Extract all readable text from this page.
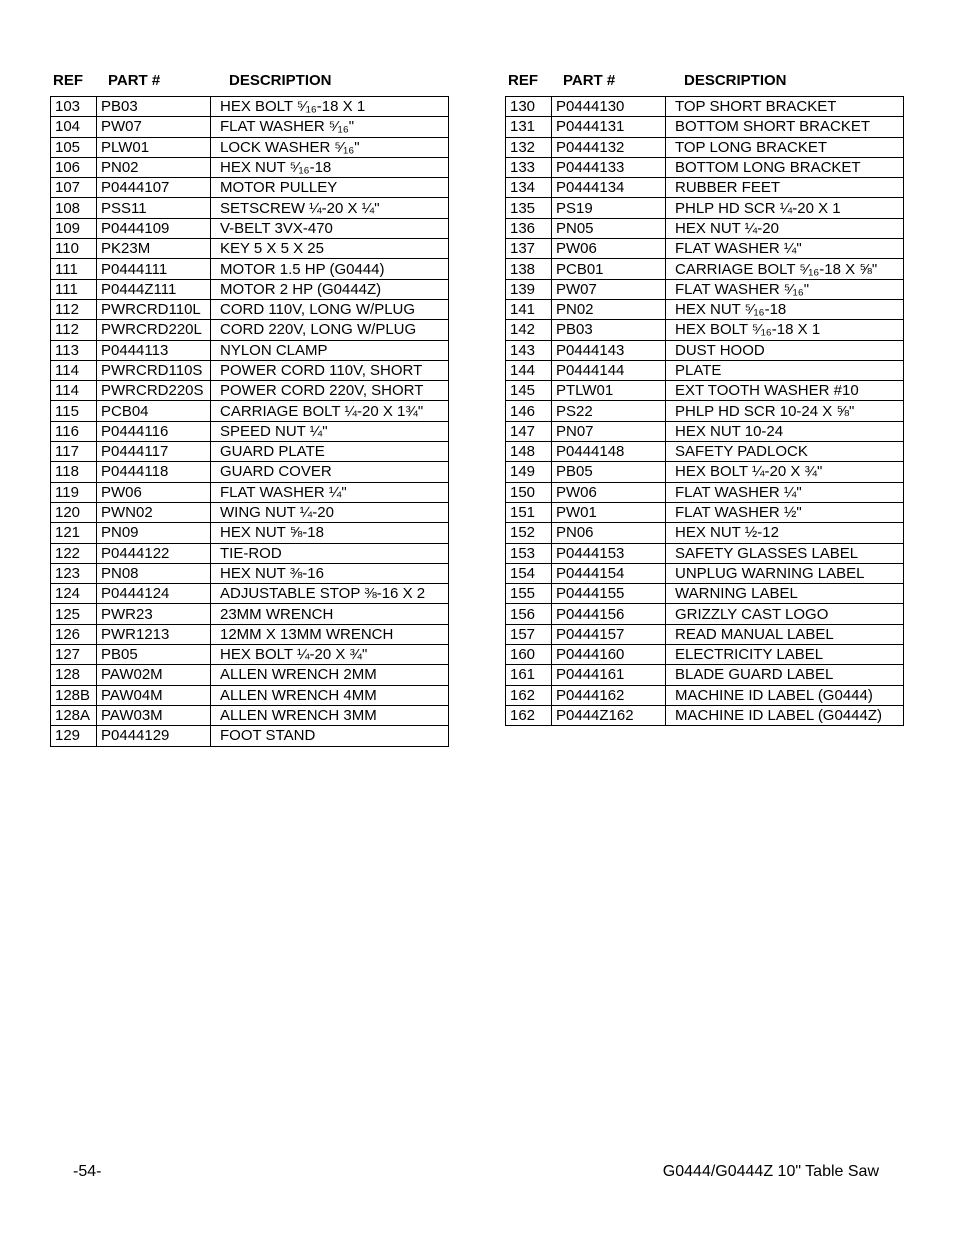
REF PART #	DESCRIPTION
103	PB03	HEX BOLT ⁵⁄₁₆-18 X 1
104	PW07	FLAT WASHER ⁵⁄₁₆"
105	PLW01	LOCK WASHER ⁵⁄₁₆"
106	PN02	HEX NUT ⁵⁄₁₆-18
107	P0444107	MOTOR PULLEY
108	PSS11	SETSCREW ¼-20 X ¼"
109	P0444109	V-BELT 3VX-470
110	PK23M	KEY 5 X 5 X 25
111	P0444111	MOTOR 1.5 HP (G0444)
111	P0444Z111	MOTOR 2 HP (G0444Z)
112	PWRCRD110L	CORD 110V, LONG W/PLUG
112	PWRCRD220L	CORD 220V, LONG W/PLUG
113	P0444113	NYLON CLAMP
114	PWRCRD110S	POWER CORD 110V, SHORT
114	PWRCRD220S	POWER CORD 220V, SHORT
115	PCB04	CARRIAGE BOLT ¼-20 X 1¾"
116	P0444116	SPEED NUT ¼"
117	P0444117	GUARD PLATE
118	P0444118	GUARD COVER
119	PW06	FLAT WASHER ¼"
120	PWN02	WING NUT ¼-20
121	PN09	HEX NUT ⅝-18
122	P0444122	TIE-ROD
123	PN08	HEX NUT ⅜-16
124	P0444124	ADJUSTABLE STOP ⅜-16 X 2
125	PWR23	23MM WRENCH
126	PWR1213	12MM X 13MM WRENCH
127	PB05	HEX BOLT ¼-20 X ¾"
128	PAW02M	ALLEN WRENCH 2MM
128B	PAW04M	ALLEN WRENCH 4MM
128A	PAW03M	ALLEN WRENCH 3MM
129	P0444129	FOOT STAND
REF PART #	DESCRIPTION
130	P0444130	TOP SHORT BRACKET
131	P0444131	BOTTOM SHORT BRACKET
132	P0444132	TOP LONG BRACKET
133	P0444133	BOTTOM LONG BRACKET
134	P0444134	RUBBER FEET
135	PS19	PHLP HD SCR ¼-20 X 1
136	PN05	HEX NUT ¼-20
137	PW06	FLAT WASHER ¼"
138	PCB01	CARRIAGE BOLT ⁵⁄₁₆-18 X ⅝"
139	PW07	FLAT WASHER ⁵⁄₁₆"
141	PN02	HEX NUT ⁵⁄₁₆-18
142	PB03	HEX BOLT ⁵⁄₁₆-18 X 1
143	P0444143	DUST HOOD
144	P0444144	PLATE
145	PTLW01	EXT TOOTH WASHER #10
146	PS22	PHLP HD SCR 10-24 X ⅝"
147	PN07	HEX NUT 10-24
148	P0444148	SAFETY PADLOCK
149	PB05	HEX BOLT ¼-20 X ¾"
150	PW06	FLAT WASHER ¼"
151	PW01	FLAT WASHER ½"
152	PN06	HEX NUT ½-12
153	P0444153	SAFETY GLASSES LABEL
154	P0444154	UNPLUG WARNING LABEL
155	P0444155	WARNING LABEL
156	P0444156	GRIZZLY CAST LOGO
157	P0444157	READ MANUAL LABEL
160	P0444160	ELECTRICITY LABEL
161	P0444161	BLADE GUARD LABEL
162	P0444162	MACHINE ID LABEL (G0444)
162	P0444Z162	MACHINE ID LABEL (G0444Z)
-54-	G0444/G0444Z 10" Table Saw
